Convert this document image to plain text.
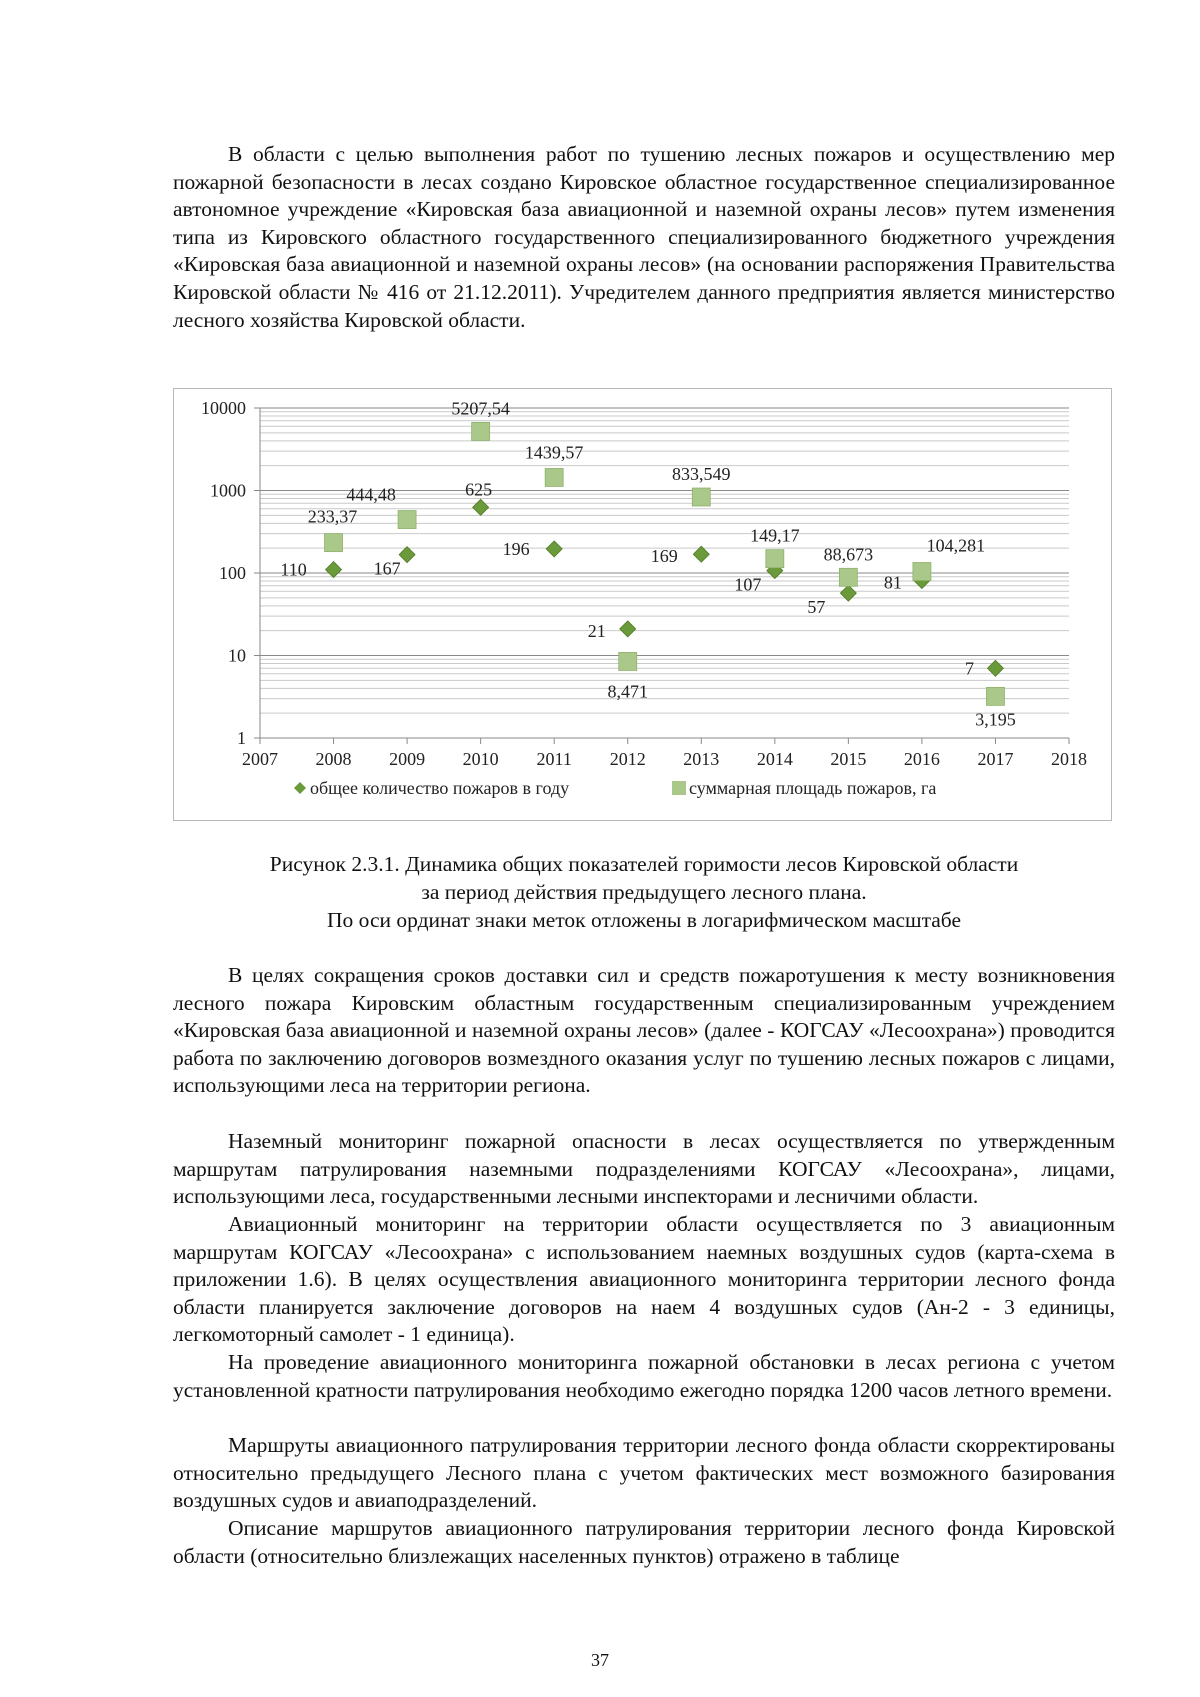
В области с целью выполнения работ по тушению лесных пожаров и осуществлению мер пожарной безопасности в лесах создано Кировское областное государственное специализированное автономное учреждение «Кировская база авиационной и наземной охраны лесов» путем изменения типа из Кировского областного государственного специализированного бюджетного учреждения «Кировская база авиационной и наземной охраны лесов» (на основании распоряжения Правительства Кировской области № 416 от 21.12.2011). Учредителем данного предприятия является министерство лесного хозяйства Кировской области.

1
10
100
1000
10000
2007 2008 2009 2010 2011 2012 2013 2014 2015 2016 2017 2018
110	167
625
196
21
169
107
57
81
7
233,37
444,48
5207,54
1439,57
8,471
833,549
149,17
88,673	104,281
3,195
общее количество пожаров в году	суммарная площадь пожаров, га
Рисунок 2.3.1. Динамика общих показателей горимости лесов Кировской области
за период действия предыдущего лесного плана.
По оси ординат знаки меток отложены в логарифмическом масштабе

В целях сокращения сроков доставки сил и средств пожаротушения к месту возникновения лесного пожара Кировским областным государственным специализированным учреждением «Кировская база авиационной и наземной охраны лесов» (далее - КОГСАУ «Лесоохрана») проводится работа по заключению договоров возмездного оказания услуг по тушению лесных пожаров с лицами, использующими леса на территории региона.

Наземный мониторинг пожарной опасности в лесах осуществляется по утвержденным маршрутам патрулирования наземными подразделениями КОГСАУ «Лесоохрана», лицами, использующими леса, государственными лесными инспекторами и лесничими области.

Авиационный мониторинг на территории области осуществляется по 3 авиационным маршрутам КОГСАУ «Лесоохрана» с использованием наемных воздушных судов (карта-схема в приложении 1.6). В целях осуществления авиационного мониторинга территории лесного фонда области планируется заключение договоров на наем 4 воздушных судов (Ан-2 - 3 единицы, легкомоторный самолет - 1 единица).

На проведение авиационного мониторинга пожарной обстановки в лесах региона с учетом установленной кратности патрулирования необходимо ежегодно порядка 1200 часов летного времени.

Маршруты авиационного патрулирования территории лесного фонда области скорректированы относительно предыдущего Лесного плана с учетом фактических мест возможного базирования воздушных судов и авиаподразделений.

Описание маршрутов авиационного патрулирования территории лесного фонда Кировской области (относительно близлежащих населенных пунктов) отражено в таблице

37
